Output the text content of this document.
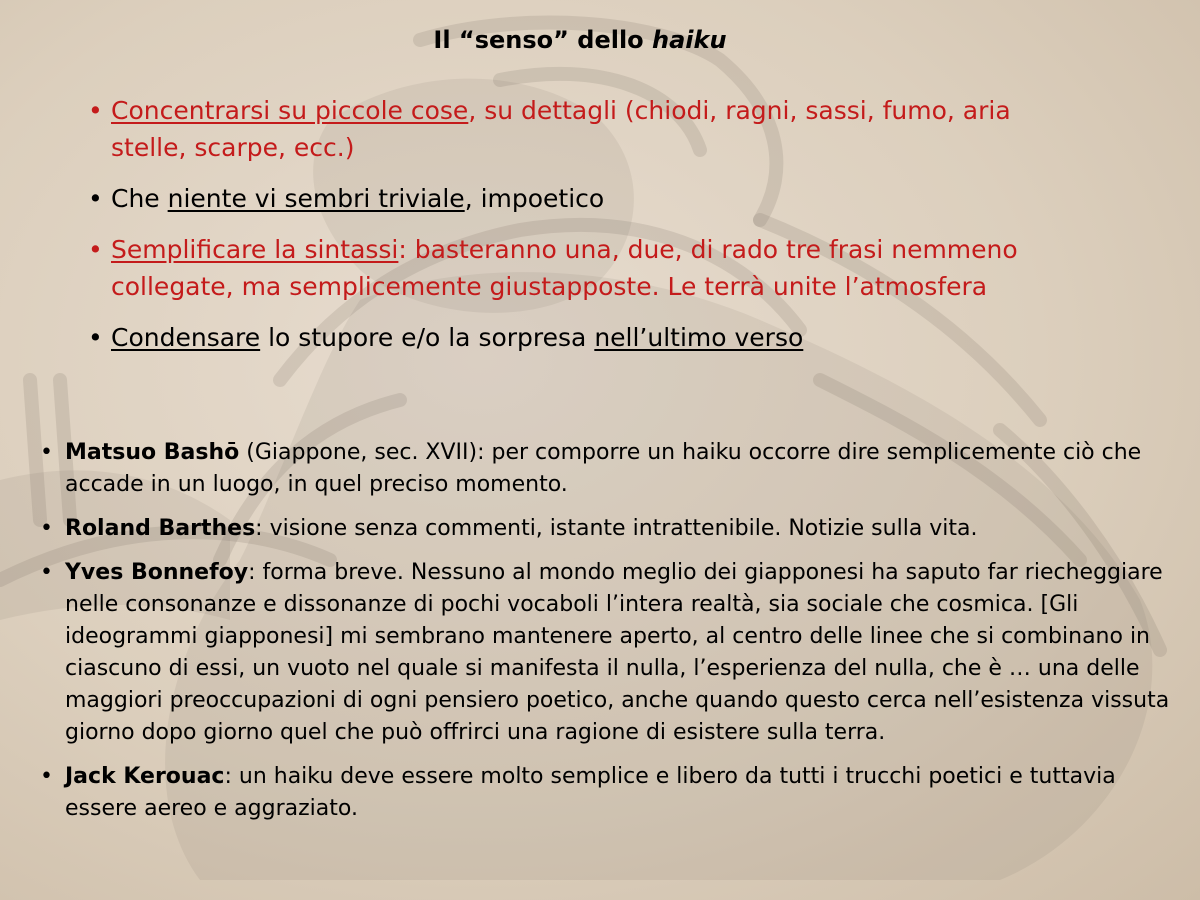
Il “senso” dello haiku
• Concentrarsi su piccole cose, su dettagli (chiodi, ragni, sassi, fumo, aria stelle, scarpe, ecc.)
• Che niente vi sembri triviale, impoetico
• Semplificare la sintassi: basteranno una, due, di rado tre frasi nemmeno collegate, ma semplicemente giustapposte. Le terrà unite l’atmosfera
• Condensare lo stupore e/o la sorpresa nell’ultimo verso
• Matsuo Bashō (Giappone, sec. XVII): per comporre un haiku occorre dire semplicemente ciò che accade in un luogo, in quel preciso momento.
• Roland Barthes: visione senza commenti, istante intrattenibile. Notizie sulla vita.
• Yves Bonnefoy: forma breve. Nessuno al mondo meglio dei giapponesi ha saputo far riecheggiare nelle consonanze e dissonanze di pochi vocaboli l’intera realtà, sia sociale che cosmica. [Gli ideogrammi giapponesi] mi sembrano mantenere aperto, al centro delle linee che si combinano in ciascuno di essi, un vuoto nel quale si manifesta il nulla, l’esperienza del nulla, che è … una delle maggiori preoccupazioni di ogni pensiero poetico, anche quando questo cerca nell’esistenza vissuta giorno dopo giorno quel che può offrirci una ragione di esistere sulla terra.
• Jack Kerouac: un haiku deve essere molto semplice e libero da tutti i trucchi poetici e tuttavia essere aereo e aggraziato.
